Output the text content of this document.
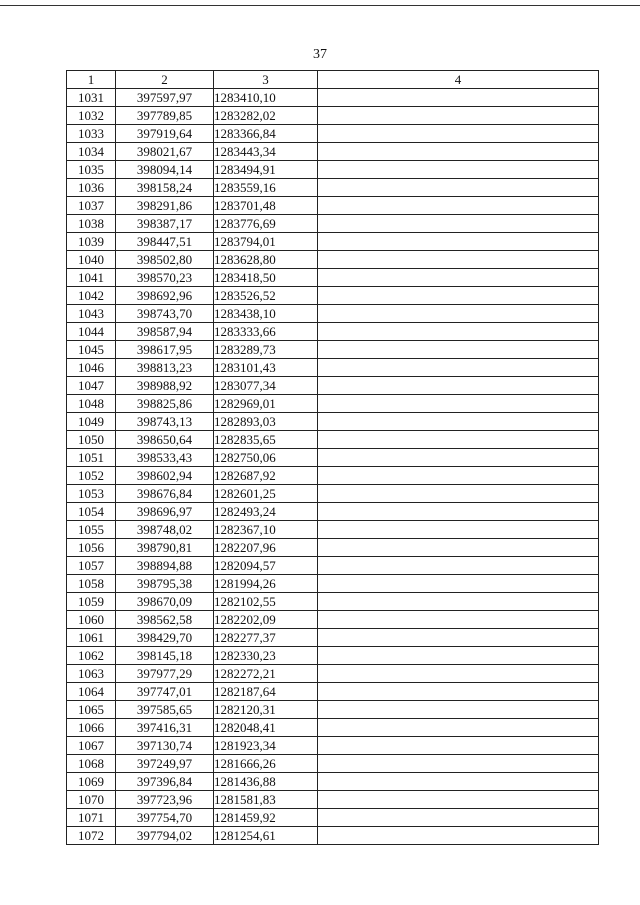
37
1	2	3	4
1031	397597,97	1283410,10	
1032	397789,85	1283282,02	
1033	397919,64	1283366,84	
1034	398021,67	1283443,34	
1035	398094,14	1283494,91	
1036	398158,24	1283559,16	
1037	398291,86	1283701,48	
1038	398387,17	1283776,69	
1039	398447,51	1283794,01	
1040	398502,80	1283628,80	
1041	398570,23	1283418,50	
1042	398692,96	1283526,52	
1043	398743,70	1283438,10	
1044	398587,94	1283333,66	
1045	398617,95	1283289,73	
1046	398813,23	1283101,43	
1047	398988,92	1283077,34	
1048	398825,86	1282969,01	
1049	398743,13	1282893,03	
1050	398650,64	1282835,65	
1051	398533,43	1282750,06	
1052	398602,94	1282687,92	
1053	398676,84	1282601,25	
1054	398696,97	1282493,24	
1055	398748,02	1282367,10	
1056	398790,81	1282207,96	
1057	398894,88	1282094,57	
1058	398795,38	1281994,26	
1059	398670,09	1282102,55	
1060	398562,58	1282202,09	
1061	398429,70	1282277,37	
1062	398145,18	1282330,23	
1063	397977,29	1282272,21	
1064	397747,01	1282187,64	
1065	397585,65	1282120,31	
1066	397416,31	1282048,41	
1067	397130,74	1281923,34	
1068	397249,97	1281666,26	
1069	397396,84	1281436,88	
1070	397723,96	1281581,83	
1071	397754,70	1281459,92	
1072	397794,02	1281254,61	
